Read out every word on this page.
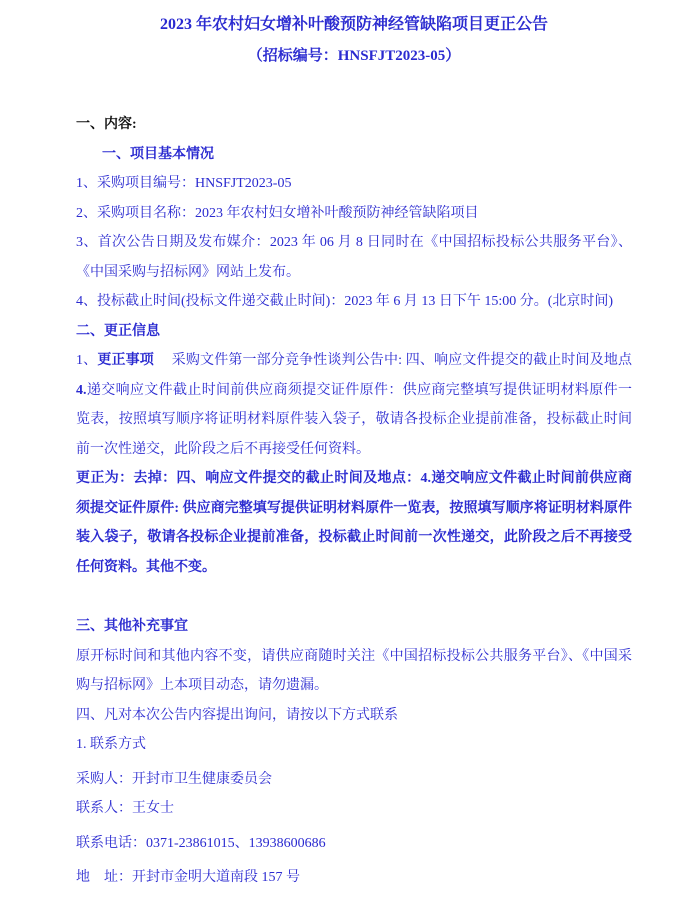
2023 年农村妇女增补叶酸预防神经管缺陷项目更正公告
（招标编号：HNSFJT2023-05）

一、内容:

一、项目基本情况

1、采购项目编号：HNSFJT2023-05

2、采购项目名称：2023 年农村妇女增补叶酸预防神经管缺陷项目

3、首次公告日期及发布媒介：2023 年 06 月 8 日同时在《中国招标投标公共服务平台》、《中国采购与招标网》网站上发布。

4、投标截止时间(投标文件递交截止时间)：2023 年 6 月 13 日下午 15:00 分。(北京时间)

二、更正信息

1、更正事项　 采购文件第一部分竞争性谈判公告中: 四、响应文件提交的截止时间及地点4.递交响应文件截止时间前供应商须提交证件原件：供应商完整填写提供证明材料原件一览表，按照填写顺序将证明材料原件装入袋子，敬请各投标企业提前准备，投标截止时间前一次性递交，此阶段之后不再接受任何资料。

更正为：去掉：四、响应文件提交的截止时间及地点：4.递交响应文件截止时间前供应商须提交证件原件: 供应商完整填写提供证明材料原件一览表，按照填写顺序将证明材料原件装入袋子，敬请各投标企业提前准备，投标截止时间前一次性递交，此阶段之后不再接受任何资料。其他不变。

三、其他补充事宜

原开标时间和其他内容不变，请供应商随时关注《中国招标投标公共服务平台》、《中国采购与招标网》上本项目动态，请勿遗漏。

四、凡对本次公告内容提出询问，请按以下方式联系

1. 联系方式

采购人：开封市卫生健康委员会

联系人：王女士

联系电话：0371-23861015、13938600686

地　址：开封市金明大道南段 157 号
